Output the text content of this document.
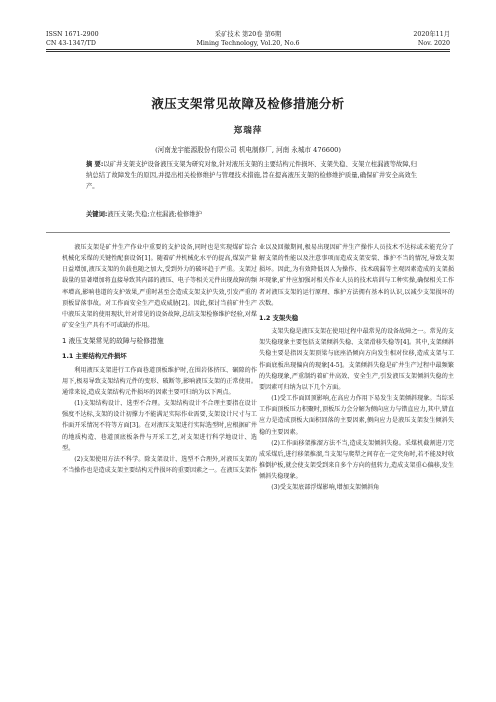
ISSN 1671-2900	采矿技术 第20卷 第6期	2020年11月
CN 43-1347/TD	Mining Technology, Vol.20, No.6	Nov. 2020
液压支架常见故障及检修措施分析
郑瑞萍
(河南龙宇能源股份有限公司 机电制修厂, 河南 永城市 476600)
摘 要:以矿井支架支护设备液压支架为研究对象,针对液压支架的主要结构元件损坏、支架失稳、支架立柱漏液等故障,归纳总结了故障发生的原因,并提出相关检修维护与管理技术措施,旨在提高液压支架的检修维护质量,确保矿井安全高效生产。
关键词:液压支架;失稳;立柱漏液;检修维护

液压支架是矿井生产作业中重要的支护设备,同时也是实现煤矿综合机械化采煤的关键性配套设备[1]。随着矿井机械化水平的提高,煤炭产量日益增加,液压支架的负载也随之加大,受到外力的破坏趋于严重。支架过载量的显著增加将直接导致其内部的液压、电子等相关元件出现故障的频率增高,影响巷道的支护效果,严重时甚至会造成支架支护失效,引发严重的顶板冒落事故。对工作面安全生产造成威胁[2]。因此,探讨当前矿井生产中液压支架的使用现状,针对常见的设备故障,总结支架检修维护经验,对煤矿安全生产具有不可或缺的作用。

1 液压支架常见的故障与检修措施
1.1 主要结构元件损坏

利用液压支架进行工作面巷道顶板维护时,在围岩体挤压、碾隙的作用下,极易导致支架结构元件的变形、破断等,影响液压支架的正常使用。通常来说,造成支架结构元件损坏的因素主要可归纳为以下两点。

(1)支架结构设计、选型不合理。支架结构设计不合理主要指在设计强度不达标,支架的设计初撑力不能满足实际作业需要,支架设计尺寸与工作面开采情况不符等方面[3]。在对液压支架进行实际选型时,应根据矿井的地质构造、巷道顶底板条件与开采工艺,对支架进行科学地设计、选型。

(2)支架使用方法不科学。除支架设计、选型不合理外,对液压支架的不当操作也是造成支架主要结构元件损坏的重要因素之一。在液压支架作

业以及回撤期间,极易出现因矿井生产操作人员技术不达标或未能充分了解支架的性能以及注意事项而造成支架安装、维护不当的情况,导致支架损坏。因此,为有效降低因人为操作、技术疏漏等主观因素造成的支架损坏现象,矿井应加强对相关作业人员的技术培训与工种实操,确保相关工作者对液压支架的运行原理、维护方法拥有基本的认识,以减少支架损坏的次数。

1.2 支架失稳

支架失稳是液压支架在使用过程中最常见的设备故障之一。常见的支架失稳现象主要包括支架倾斜失稳、支架滑移失稳等[4]。其中,支架倾斜失稳主要是指因支架顶梁与底座沿倾向方向发生相对位移,造成支架与工作面底板出现偏向的现象[4-5]。支架倾斜失稳是矿井生产过程中最频繁的失稳现象,严重制约着矿井高效、安全生产,引发液压支架倾斜失稳的主要因素可归纳为以下几个方面。

(1)受工作面回顶影响,在高应力作用下易发生支架倾斜现象。当综采工作面顶板压力积聚时,顶板压力会分解为侧向应力与错直应力,其中,错直应力是造成顶板大面积回落的主要因素,侧向应力是液压支架发生倾斜失稳的主要因素。

(2)工作面移架推溜方法不当,造成支架倾斜失稳。采煤机截割进刀完成采煤后,进行移架推溜,当支架与爬犁之间存在一定夹角时,若不能及时收推倒护板,就会使支架受到来自多个方向的扭转力,造成支架重心偏移,发生倾斜失稳现象。

(3)受支架底部浮煤影响,增加支架倾斜角
